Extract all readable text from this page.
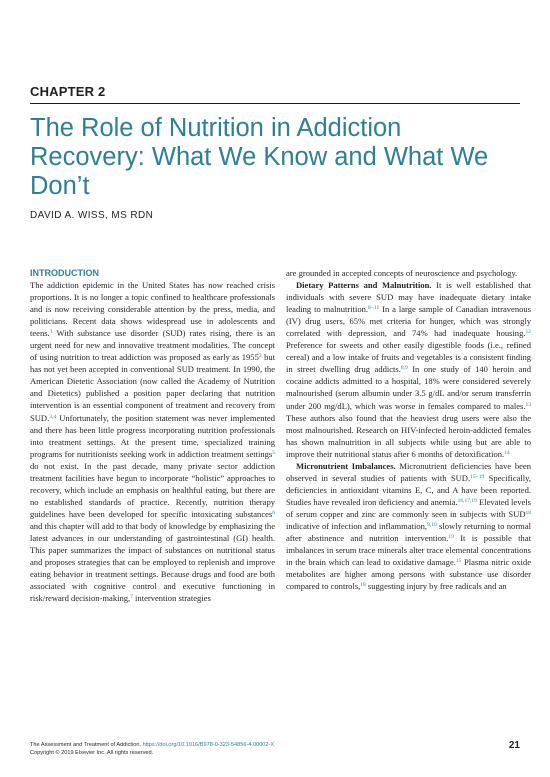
CHAPTER 2
The Role of Nutrition in Addiction Recovery: What We Know and What We Don’t
DAVID A. WISS, MS RDN
INTRODUCTION

The addiction epidemic in the United States has now reached crisis proportions. It is no longer a topic confined to healthcare professionals and is now receiving considerable attention by the press, media, and politicians. Recent data shows widespread use in adolescents and teens.$^1$ With substance use disorder (SUD) rates rising, there is an urgent need for new and innovative treatment modalities. The concept of using nutrition to treat addiction was proposed as early as 1955$^2$ but has not yet been accepted in conventional SUD treatment. In 1990, the American Dietetic Association (now called the Academy of Nutrition and Dietetics) published a position paper declaring that nutrition intervention is an essential component of treatment and recovery from SUD.$^{3,4}$ Unfortunately, the position statement was never implemented and there has been little progress incorporating nutrition professionals into treatment settings. At the present time, specialized training programs for nutritionists seeking work in addiction treatment settings$^5$ do not exist. In the past decade, many private sector addiction treatment facilities have begun to incorporate “holistic” approaches to recovery, which include an emphasis on healthful eating, but there are no established standards of practice. Recently, nutrition therapy guidelines have been developed for specific intoxicating substances$^6$ and this chapter will add to that body of knowledge by emphasizing the latest advances in our understanding of gastrointestinal (GI) health. This paper summarizes the impact of substances on nutritional status and proposes strategies that can be employed to replenish and improve eating behavior in treatment settings. Because drugs and food are both associated with cognitive control and executive functioning in risk/reward decision-making,$^7$ intervention strategies

are grounded in accepted concepts of neuroscience and psychology.

Dietary Patterns and Malnutrition. It is well established that individuals with severe SUD may have inadequate dietary intake leading to malnutrition.$^{8-11}$ In a large sample of Canadian intravenous (IV) drug users, 65% met criteria for hunger, which was strongly correlated with depression, and 74% had inadequate housing.$^{12}$ Preference for sweets and other easily digestible foods (i.e., refined cereal) and a low intake of fruits and vegetables is a consistent finding in street dwelling drug addicts.$^{8,9}$ In one study of 140 heroin and cocaine addicts admitted to a hospital, 18% were considered severely malnourished (serum albumin under 3.5 g/dL and/or serum transferrin under 200 mg/dL), which was worse in females compared to males.$^{13}$ These authors also found that the heaviest drug users were also the most malnourished. Research on HIV-infected heroin-addicted females has shown malnutrition in all subjects while using but are able to improve their nutritional status after 6 months of detoxification.$^{14}$

Micronutrient Imbalances. Micronutrient deficiencies have been observed in several studies of patients with SUD.$^{15-19}$ Specifically, deficiencies in antioxidant vitamins E, C, and A have been reported. Studies have revealed iron deficiency and anemia.$^{16,17,19}$ Elevated levels of serum copper and zinc are commonly seen in subjects with SUD$^{18}$ indicative of infection and inflammation,$^{9,10}$ slowly returning to normal after abstinence and nutrition intervention.$^{19}$ It is possible that imbalances in serum trace minerals alter trace elemental concentrations in the brain which can lead to oxidative damage.$^{15}$ Plasma nitric oxide metabolites are higher among persons with substance use disorder compared to controls,$^{18}$ suggesting injury by free radicals and an

The Assessment and Treatment of Addiction. https://doi.org/10.1016/B978-0-323-54856-4.00002-X
Copyright © 2019 Elsevier Inc. All rights reserved.
21
